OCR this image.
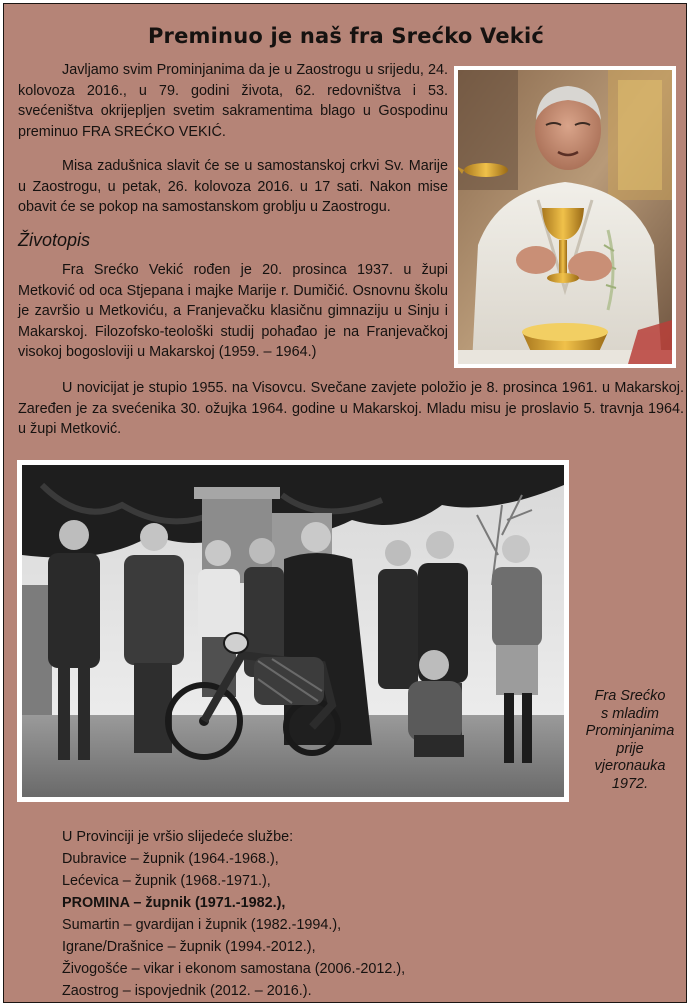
Preminuo je naš fra Srećko Vekić

Javljamo svim Prominjanima da je u Zaostrogu u srijedu, 24. kolovoza 2016., u 79. godini života, 62. redovništva i 53. svećeništva okrijepljen svetim sakramentima blago u Gospodinu preminuo FRA SREĆKO VEKIĆ.

Misa zadušnica slavit će se u samostanskoj crkvi Sv. Marije u Zaostrogu, u petak, 26. kolovoza 2016. u 17 sati. Nakon mise obavit će se pokop na samostanskom groblju u Zaostrogu.

Životopis

Fra Srećko Vekić rođen je 20. prosinca 1937. u župi Metković od oca Stjepana i majke Marije r. Dumičić. Osnovnu školu je završio u Metkoviću, a Franjevačku klasičnu gimnaziju u Sinju i Makarskoj. Filozofsko-teološki studij pohađao je na Franjevačkoj visokoj bogosloviji u Makarskoj (1959. – 1964.)

U novicijat je stupio 1955. na Visovcu. Svečane zavjete položio je 8. prosinca 1961. u Makarskoj. Zaređen je za svećenika 30. ožujka 1964. godine u Makarskoj. Mladu misu je proslavio 5. travnja 1964. u župi Metković.

Fra Srećko
s mladim
Prominjanima
prije
vjeronauka
1972.
U Provinciji je vršio slijedeće službe:
Dubravice – župnik (1964.-1968.),
Lećevica – župnik (1968.-1971.),
PROMINA – župnik (1971.-1982.),
Sumartin – gvardijan i župnik (1982.-1994.),
Igrane/Drašnice – župnik (1994.-2012.),
Živogošće – vikar i ekonom samostana (2006.-2012.),
Zaostrog – ispovjednik (2012. – 2016.).
